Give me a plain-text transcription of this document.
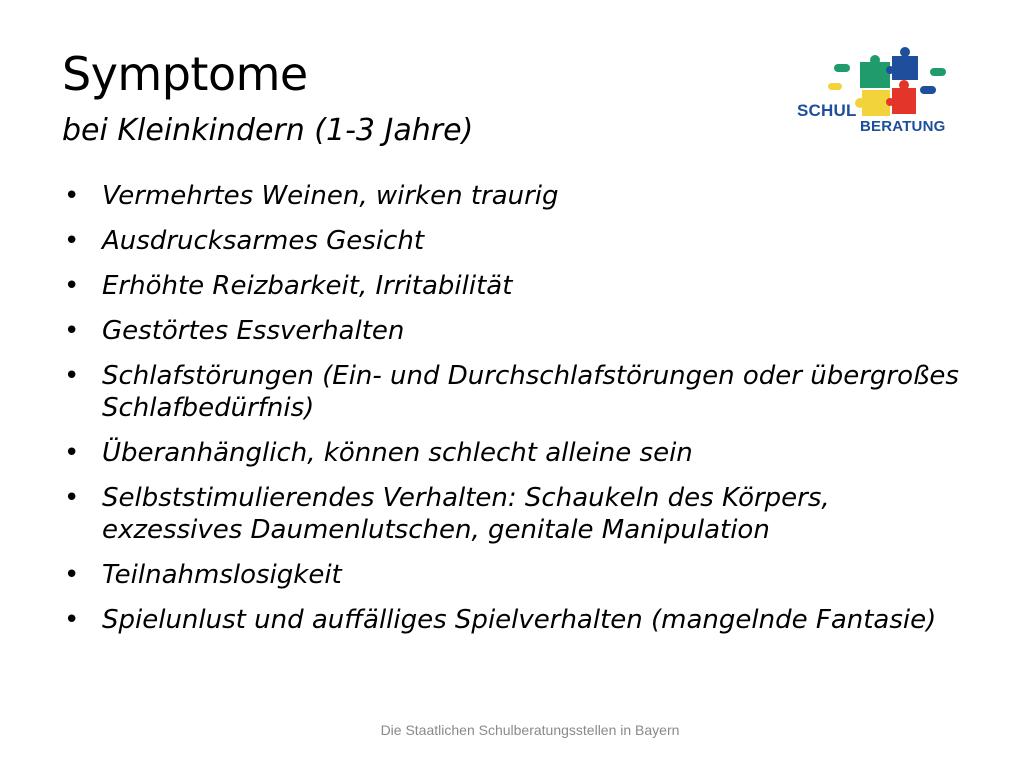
Symptome
bei Kleinkindern (1-3 Jahre)
SCHUL
BERATUNG
• Vermehrtes Weinen, wirken traurig
• Ausdrucksarmes Gesicht
• Erhöhte Reizbarkeit, Irritabilität
• Gestörtes Essverhalten
• Schlafstörungen (Ein- und Durchschlafstörungen oder übergroßes Schlafbedürfnis)
• Überanhänglich, können schlecht alleine sein
• Selbststimulierendes Verhalten: Schaukeln des Körpers, exzessives Daumenlutschen, genitale Manipulation
• Teilnahmslosigkeit
• Spielunlust und auffälliges Spielverhalten (mangelnde Fantasie)
Die Staatlichen Schulberatungsstellen in Bayern
